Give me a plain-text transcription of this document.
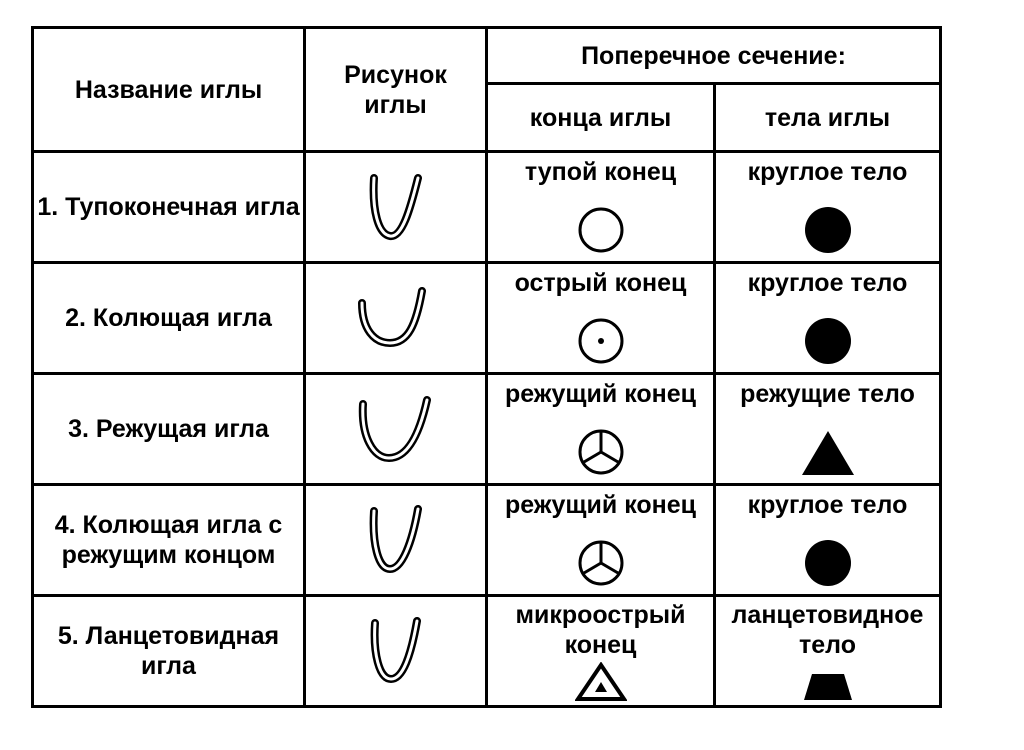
Название иглы	Рисунок иглы	Поперечное сечение:	
		конца иглы	тела иглы
1. Тупоконечная игла		тупой конец	круглое тело

2. Колющая игла		острый конец	круглое тело

3. Режущая игла		режущий конец	режущие тело

4. Колющая игла с режущим концом		режущий конец	круглое тело

5. Ланцетовидная игла		микроострый конец	ланцетовидное тело
